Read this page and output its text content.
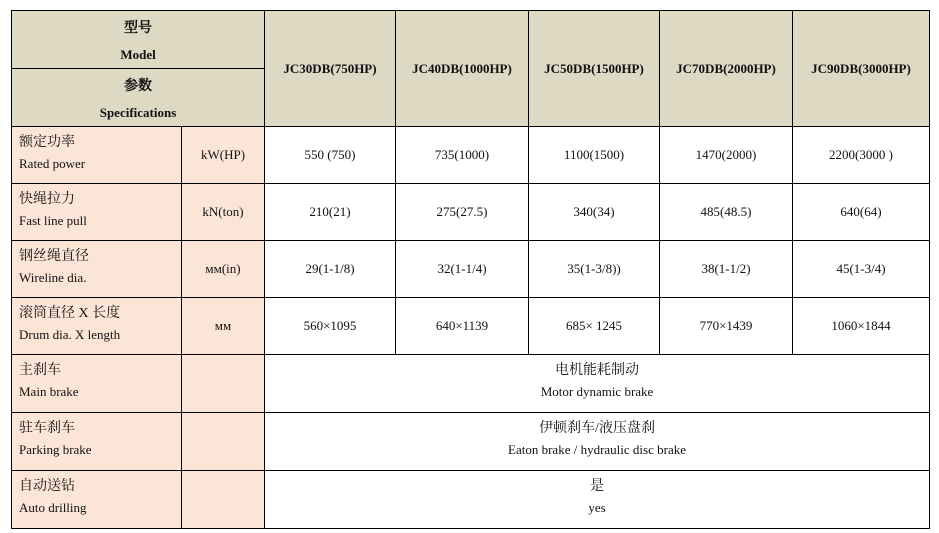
型号
Model		JC30DB(750HP)	JC40DB(1000HP)	JC50DB(1500HP)	JC70DB(2000HP)	JC90DB(3000HP)

参数
Specifications						

额定功率
Rated power	kW(HP)	550 (750)	735(1000)	1100(1500)	1470(2000)	2200(3000 )

快绳拉力
Fast line pull	kN(ton)	210(21)	275(27.5)	340(34)	485(48.5)	640(64)

钢丝绳直径
Wireline dia.	мм(in)	29(1-1/8)	32(1-1/4)	35(1-3/8))	38(1-1/2)	45(1-3/4)

滚筒直径 X 长度
Drum dia. X length	мм	560×1095	640×1139	685× 1245	770×1439	1060×1844

主刹车
Main brake		电机能耗制动
Motor dynamic brake				

驻车刹车
Parking brake		伊顿刹车/液压盘刹
Eaton brake / hydraulic disc brake				

自动送钻
Auto drilling		是
yes				
